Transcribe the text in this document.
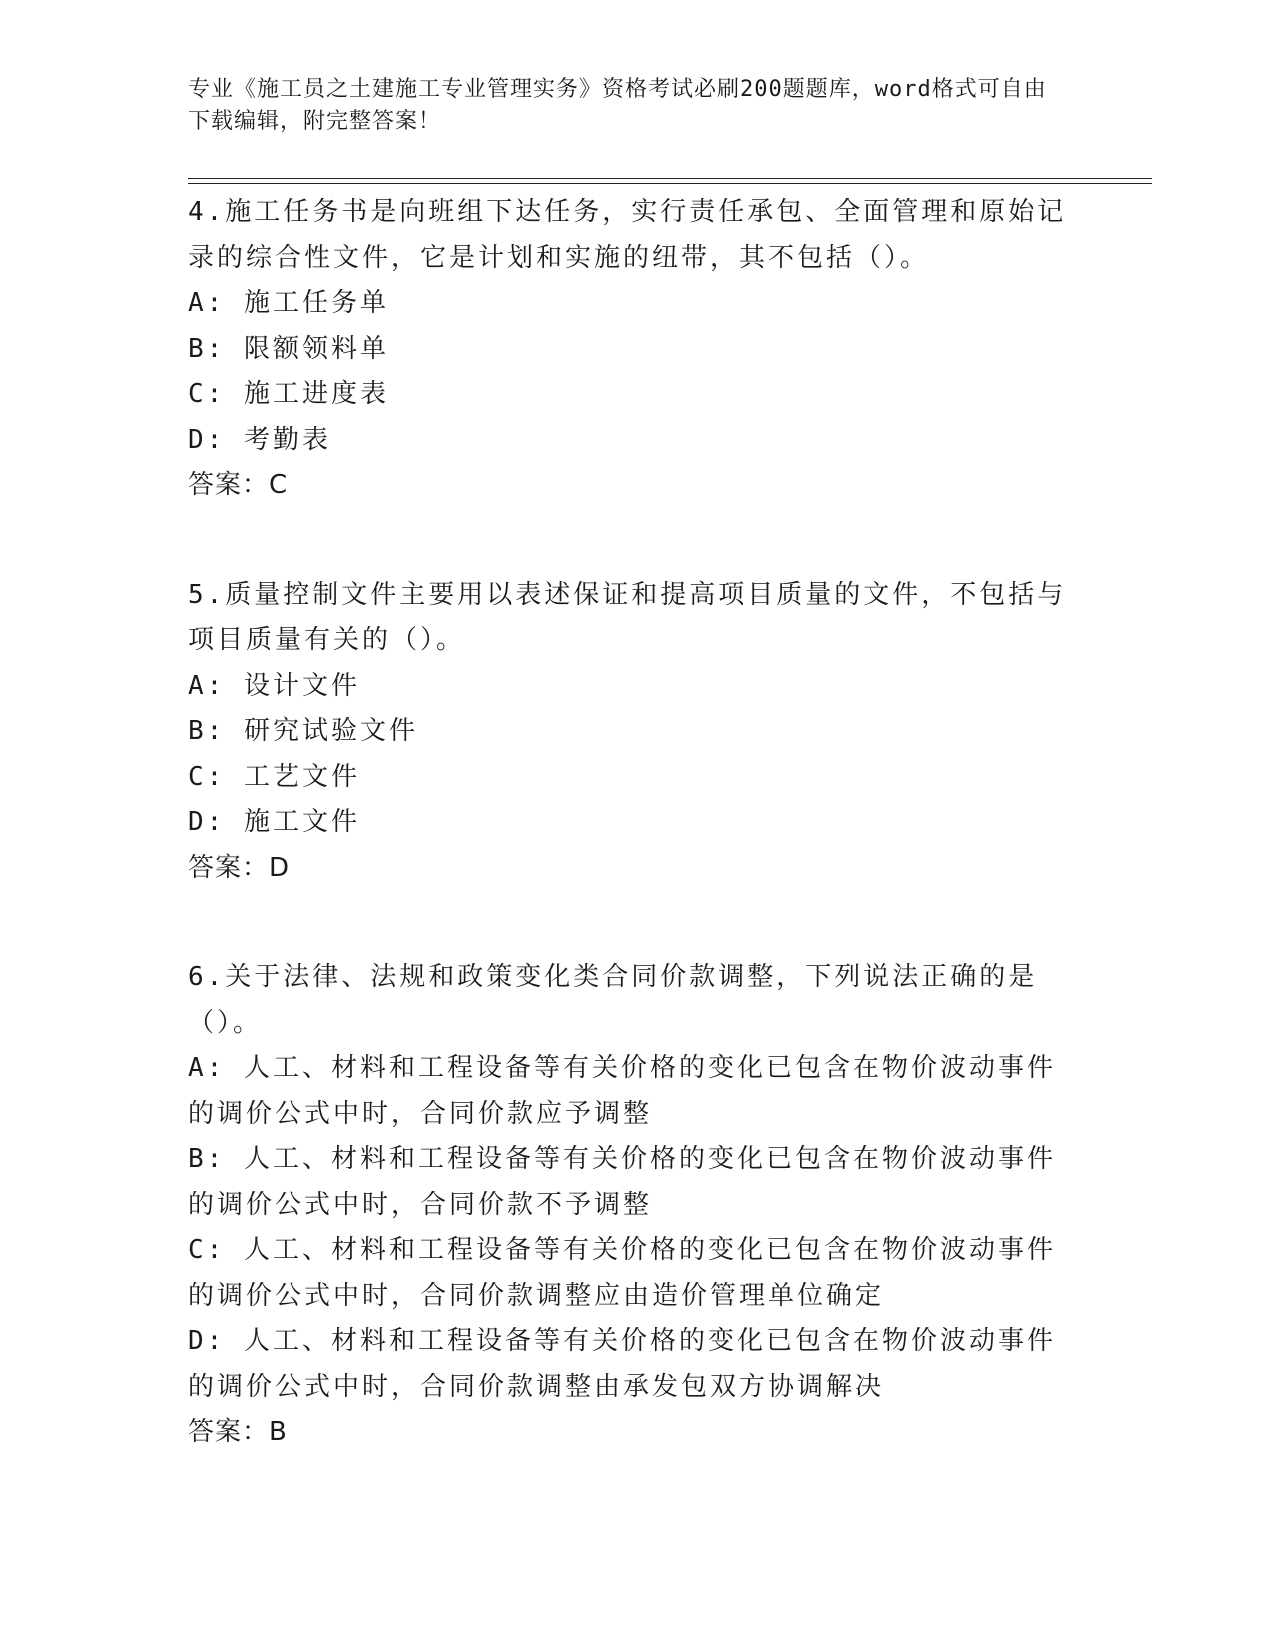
专业《施工员之土建施工专业管理实务》资格考试必刷200题题库，word格式可自由下载编辑，附完整答案！
4.施工任务书是向班组下达任务，实行责任承包、全面管理和原始记录的综合性文件，它是计划和实施的纽带，其不包括（）。
A: 施工任务单
B: 限额领料单
C: 施工进度表
D: 考勤表
答案：C
5.质量控制文件主要用以表述保证和提高项目质量的文件，不包括与项目质量有关的（）。
A: 设计文件
B: 研究试验文件
C: 工艺文件
D: 施工文件
答案：D
6.关于法律、法规和政策变化类合同价款调整，下列说法正确的是（）。
A: 人工、材料和工程设备等有关价格的变化已包含在物价波动事件的调价公式中时，合同价款应予调整
B: 人工、材料和工程设备等有关价格的变化已包含在物价波动事件的调价公式中时，合同价款不予调整
C: 人工、材料和工程设备等有关价格的变化已包含在物价波动事件的调价公式中时，合同价款调整应由造价管理单位确定
D: 人工、材料和工程设备等有关价格的变化已包含在物价波动事件的调价公式中时，合同价款调整由承发包双方协调解决
答案：B
